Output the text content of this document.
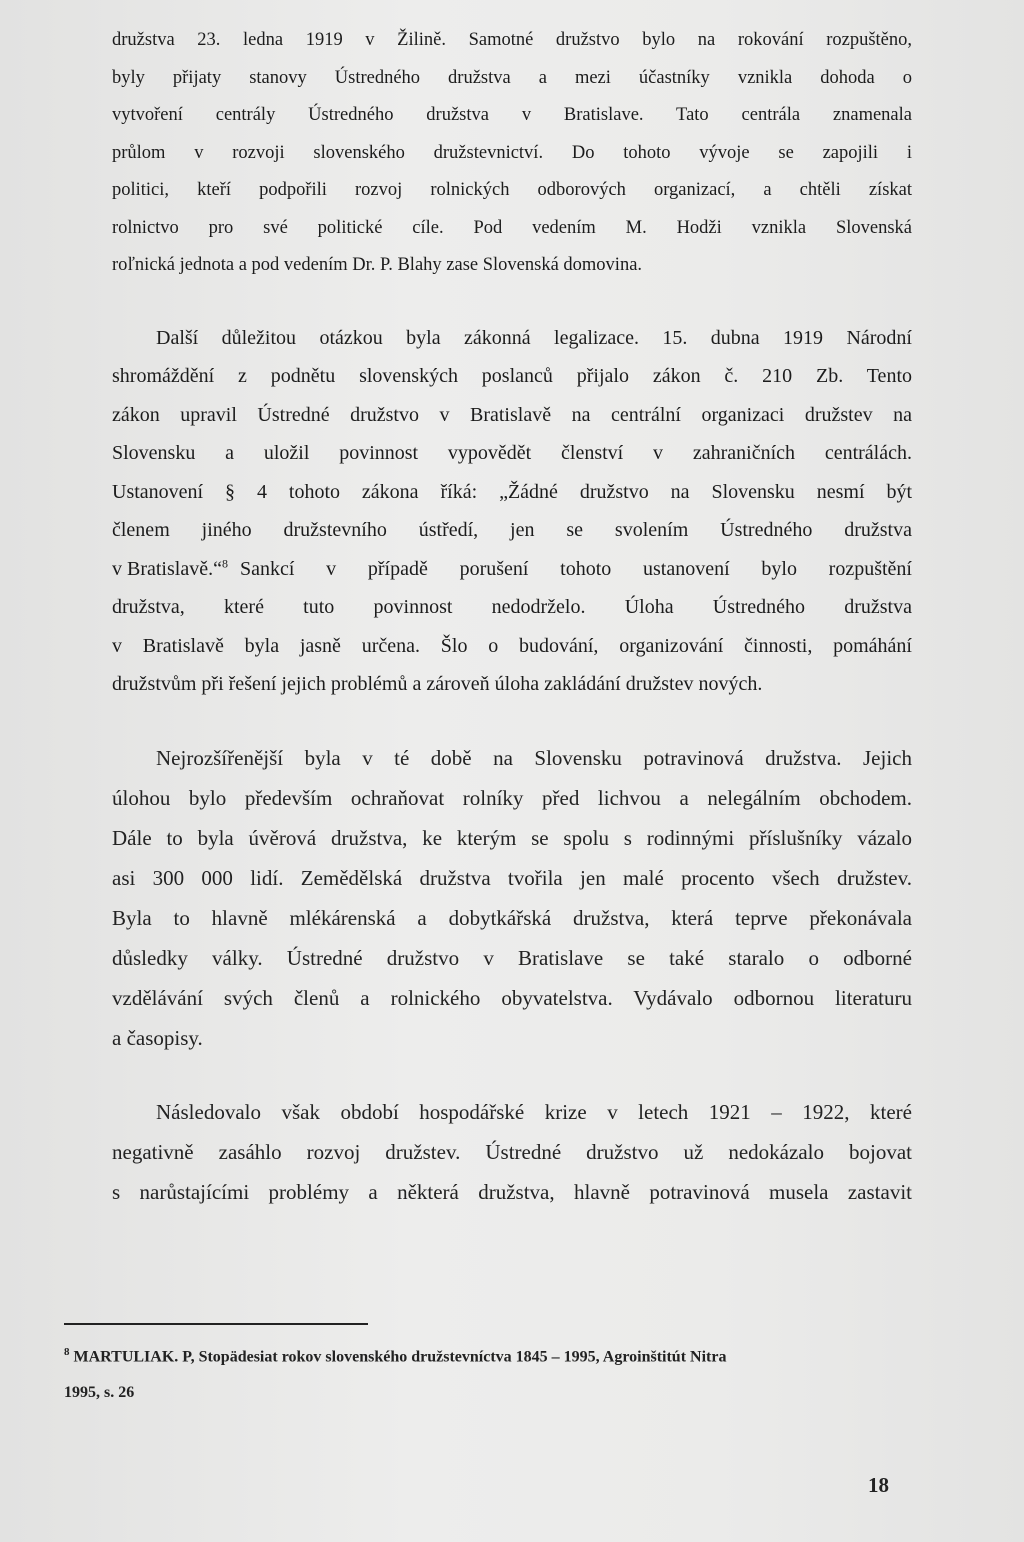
družstva 23. ledna 1919 v Žilině. Samotné družstvo bylo na rokování rozpuštěno,
byly přijaty stanovy Ústredného družstva a mezi účastníky vznikla dohoda o
vytvoření centrály Ústredného družstva v Bratislave. Tato centrála znamenala
průlom v rozvoji slovenského družstevnictví. Do tohoto vývoje se zapojili i
politici, kteří podpořili rozvoj rolnických odborových organizací, a chtěli získat
rolnictvo pro své politické cíle. Pod vedením M. Hodži vznikla Slovenská
roľnická jednota a pod vedením Dr. P. Blahy zase Slovenská domovina.
Další důležitou otázkou byla zákonná legalizace. 15. dubna 1919 Národní
shromáždění z podnětu slovenských poslanců přijalo zákon č. 210 Zb. Tento
zákon upravil Ústredné družstvo v Bratislavě na centrální organizaci družstev na
Slovensku a uložil povinnost vypovědět členství v zahraničních centrálách.
Ustanovení § 4 tohoto zákona říká: „Žádné družstvo na Slovensku nesmí být
členem jiného družstevního ústředí, jen se svolením Ústredného družstva
v Bratislavě.“$^8$ Sankcí v případě porušení tohoto ustanovení bylo rozpuštění
družstva, které tuto povinnost nedodrželo. Úloha Ústredného družstva
v Bratislavě byla jasně určena. Šlo o budování, organizování činnosti, pomáhání
družstvům při řešení jejich problémů a zároveň úloha zakládání družstev nových.
Nejrozšířenější byla v té době na Slovensku potravinová družstva. Jejich
úlohou bylo především ochraňovat rolníky před lichvou a nelegálním obchodem.
Dále to byla úvěrová družstva, ke kterým se spolu s rodinnými příslušníky vázalo
asi 300 000 lidí. Zemědělská družstva tvořila jen malé procento všech družstev.
Byla to hlavně mlékárenská a dobytkářská družstva, která teprve překonávala
důsledky války. Ústredné družstvo v Bratislave se také staralo o odborné
vzdělávání svých členů a rolnického obyvatelstva. Vydávalo odbornou literaturu
a časopisy.
Následovalo však období hospodářské krize v letech 1921 – 1922, které
negativně zasáhlo rozvoj družstev. Ústredné družstvo už nedokázalo bojovat
s narůstajícími problémy a některá družstva, hlavně potravinová musela zastavit
$^8$ MARTULIAK. P, Stopädesiat rokov slovenského družstevníctva 1845 – 1995, Agroinštitút Nitra
1995, s. 26
18
